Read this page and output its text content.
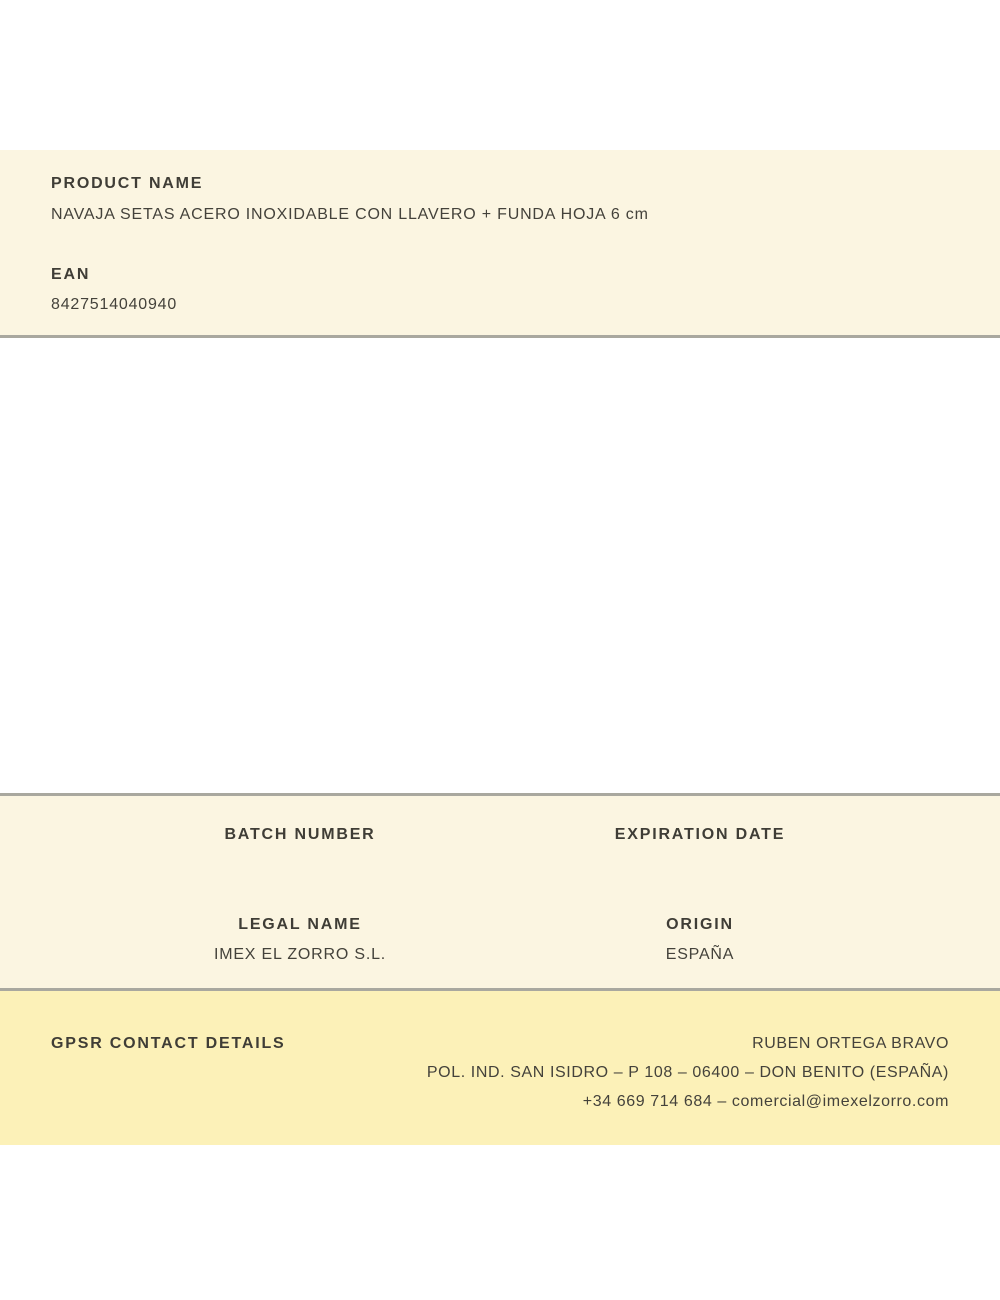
PRODUCT NAME
NAVAJA SETAS ACERO INOXIDABLE CON LLAVERO + FUNDA HOJA 6 cm
EAN
8427514040940
BATCH NUMBER	EXPIRATION DATE
LEGAL NAME	ORIGIN
IMEX EL ZORRO S.L.	ESPAÑA
GPSR CONTACT DETAILS	RUBEN ORTEGA BRAVO
POL. IND. SAN ISIDRO – P 108 – 06400 – DON BENITO (ESPAÑA)
+34 669 714 684 – comercial@imexelzorro.com
